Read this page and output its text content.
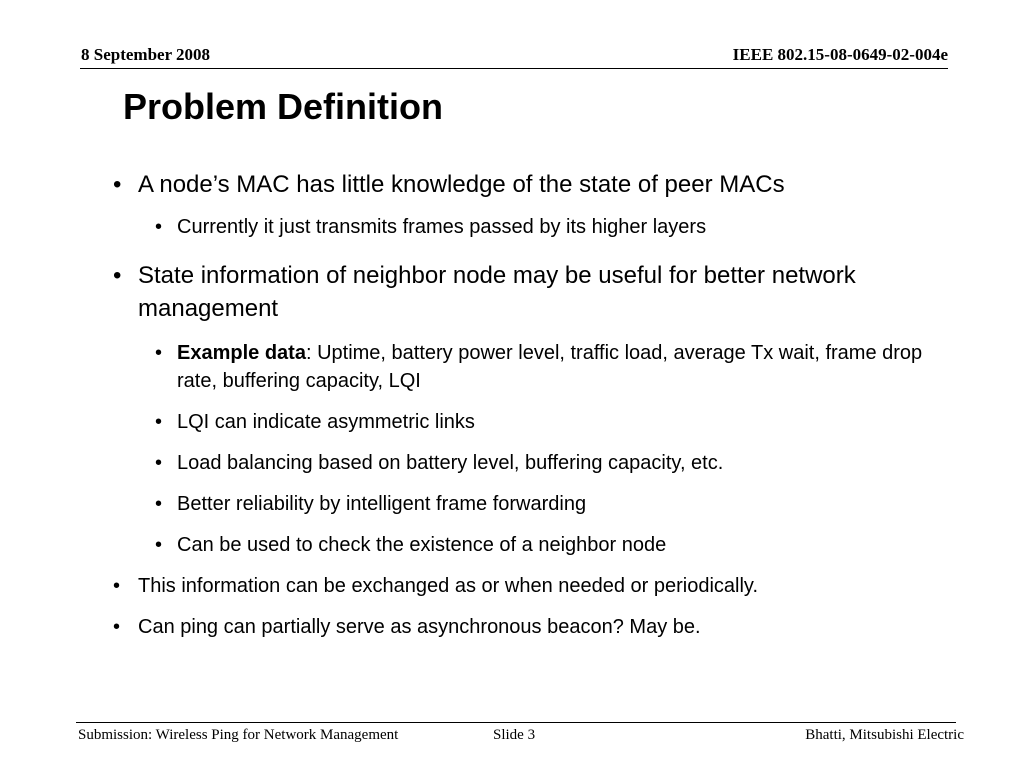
8 September 2008	IEEE 802.15-08-0649-02-004e
Problem Definition

• A node’s MAC has little knowledge of the state of peer MACs

• Currently it just transmits frames passed by its higher layers

• State information of neighbor node may be useful for better network management

• Example data: Uptime, battery power level, traffic load, average Tx wait, frame drop rate, buffering capacity, LQI

• LQI can indicate asymmetric links

• Load balancing based on battery level, buffering capacity, etc.

• Better reliability by intelligent frame forwarding

• Can be used to check the existence of a neighbor node

• This information can be exchanged as or when needed or periodically.

• Can ping can partially serve as asynchronous beacon? May be.

Submission: Wireless Ping for Network Management	Slide 3	Bhatti, Mitsubishi Electric
